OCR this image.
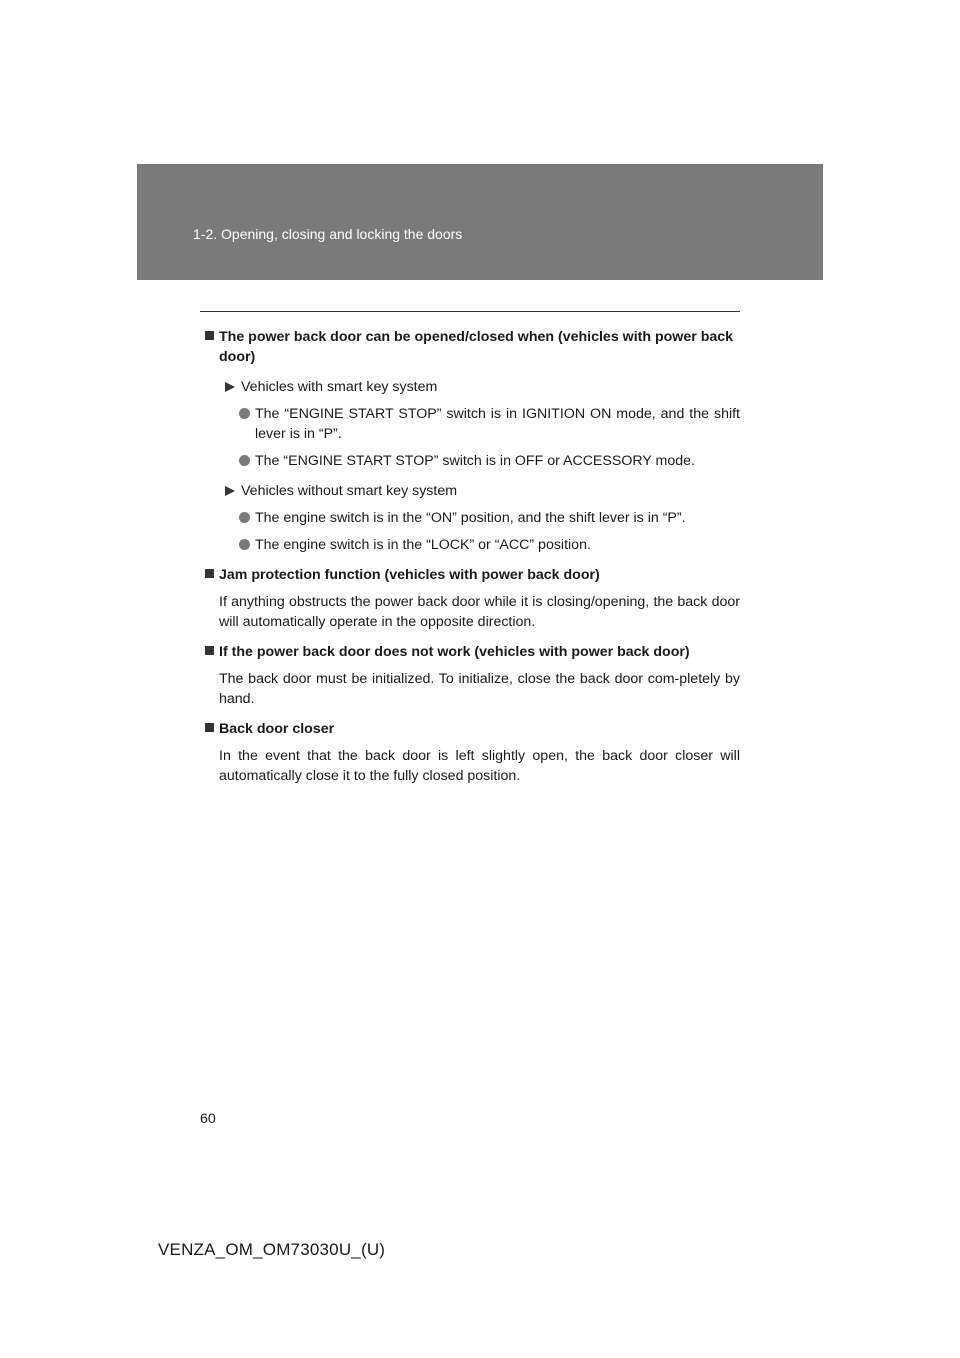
1-2. Opening, closing and locking the doors
The power back door can be opened/closed when (vehicles with power back door)
Vehicles with smart key system
The “ENGINE START STOP” switch is in IGNITION ON mode, and the shift lever is in “P”.
The “ENGINE START STOP” switch is in OFF or ACCESSORY mode.
Vehicles without smart key system
The engine switch is in the “ON” position, and the shift lever is in “P”.
The engine switch is in the “LOCK” or “ACC” position.
Jam protection function (vehicles with power back door)
If anything obstructs the power back door while it is closing/opening, the back door will automatically operate in the opposite direction.
If the power back door does not work (vehicles with power back door)
The back door must be initialized. To initialize, close the back door com-pletely by hand.
Back door closer
In the event that the back door is left slightly open, the back door closer will automatically close it to the fully closed position.
60
VENZA_OM_OM73030U_(U)
